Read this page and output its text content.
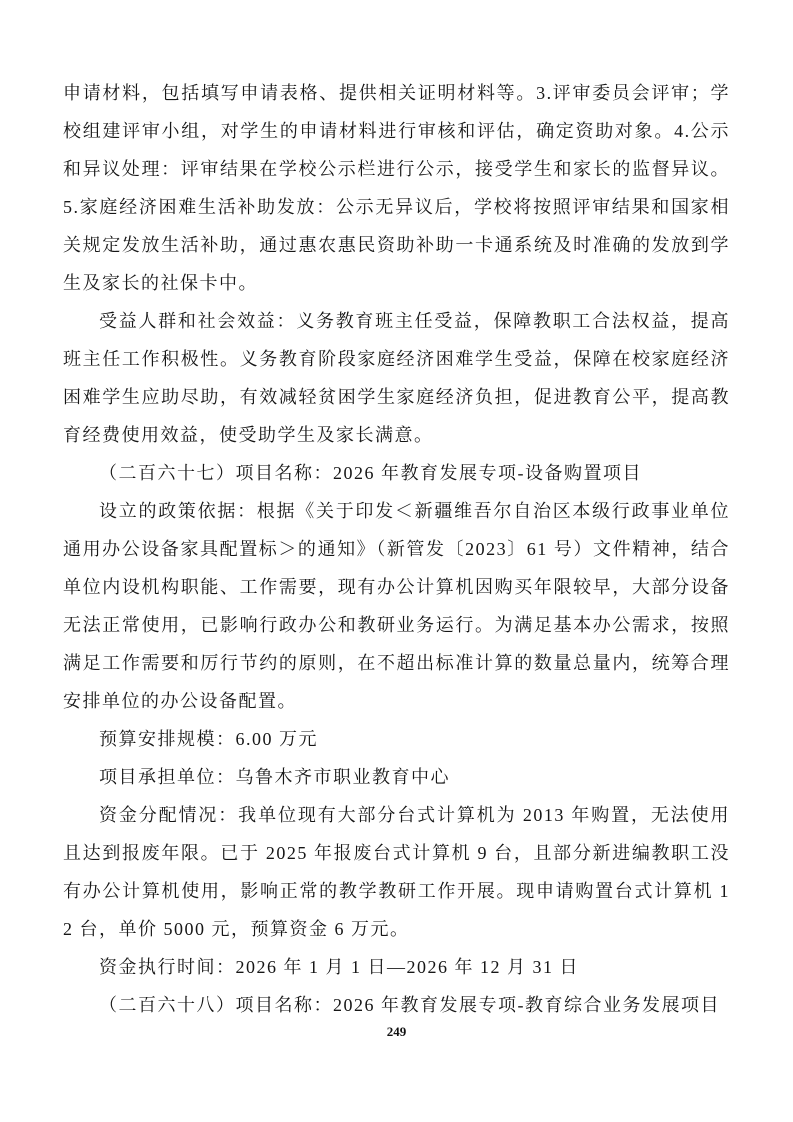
申请材料，包括填写申请表格、提供相关证明材料等。3.评审委员会评审；学校组建评审小组，对学生的申请材料进行审核和评估，确定资助对象。4.公示和异议处理：评审结果在学校公示栏进行公示，接受学生和家长的监督异议。5.家庭经济困难生活补助发放：公示无异议后，学校将按照评审结果和国家相关规定发放生活补助，通过惠农惠民资助补助一卡通系统及时准确的发放到学生及家长的社保卡中。

受益人群和社会效益：义务教育班主任受益，保障教职工合法权益，提高班主任工作积极性。义务教育阶段家庭经济困难学生受益，保障在校家庭经济困难学生应助尽助，有效减轻贫困学生家庭经济负担，促进教育公平，提高教育经费使用效益，使受助学生及家长满意。

（二百六十七）项目名称：2026 年教育发展专项-设备购置项目

设立的政策依据：根据《关于印发＜新疆维吾尔自治区本级行政事业单位通用办公设备家具配置标＞的通知》（新管发〔2023〕61 号）文件精神，结合单位内设机构职能、工作需要，现有办公计算机因购买年限较早，大部分设备无法正常使用，已影响行政办公和教研业务运行。为满足基本办公需求，按照满足工作需要和厉行节约的原则，在不超出标准计算的数量总量内，统筹合理安排单位的办公设备配置。

预算安排规模：6.00 万元

项目承担单位：乌鲁木齐市职业教育中心

资金分配情况：我单位现有大部分台式计算机为 2013 年购置，无法使用且达到报废年限。已于 2025 年报废台式计算机 9 台，且部分新进编教职工没有办公计算机使用，影响正常的教学教研工作开展。现申请购置台式计算机 12 台，单价 5000 元，预算资金 6 万元。

资金执行时间：2026 年 1 月 1 日—2026 年 12 月 31 日

（二百六十八）项目名称：2026 年教育发展专项-教育综合业务发展项目

249
